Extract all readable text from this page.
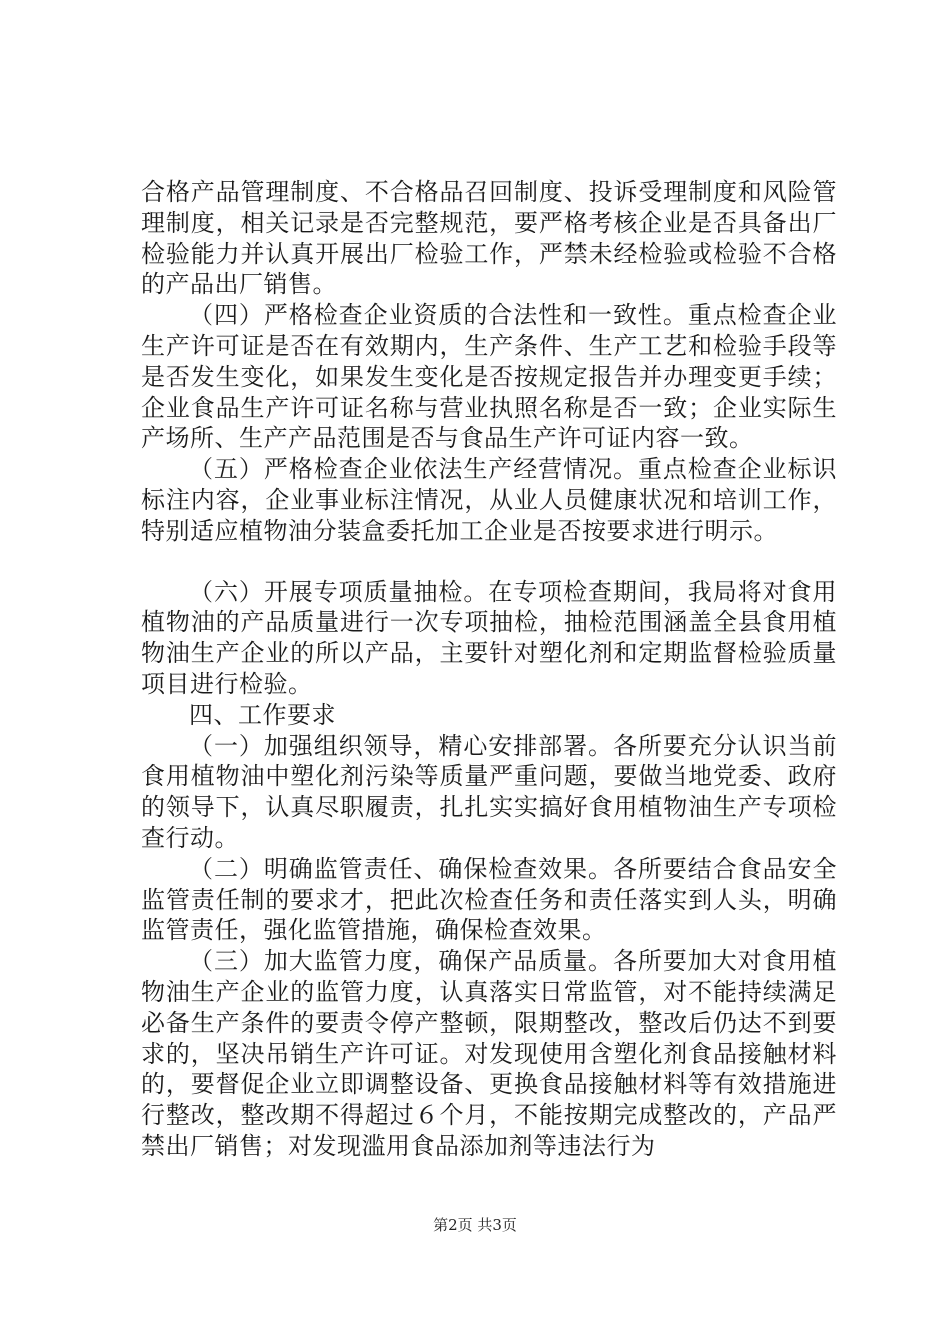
合格产品管理制度、不合格品召回制度、投诉受理制度和风险管理制度，相关记录是否完整规范，要严格考核企业是否具备出厂检验能力并认真开展出厂检验工作，严禁未经检验或检验不合格的产品出厂销售。

（四）严格检查企业资质的合法性和一致性。重点检查企业生产许可证是否在有效期内，生产条件、生产工艺和检验手段等是否发生变化，如果发生变化是否按规定报告并办理变更手续；企业食品生产许可证名称与营业执照名称是否一致；企业实际生产场所、生产产品范围是否与食品生产许可证内容一致。

（五）严格检查企业依法生产经营情况。重点检查企业标识标注内容，企业事业标注情况，从业人员健康状况和培训工作，特别适应植物油分装盒委托加工企业是否按要求进行明示。

（六）开展专项质量抽检。在专项检查期间，我局将对食用植物油的产品质量进行一次专项抽检，抽检范围涵盖全县食用植物油生产企业的所以产品，主要针对塑化剂和定期监督检验质量项目进行检验。

四、工作要求

（一）加强组织领导，精心安排部署。各所要充分认识当前食用植物油中塑化剂污染等质量严重问题，要做当地党委、政府的领导下，认真尽职履责，扎扎实实搞好食用植物油生产专项检查行动。

（二）明确监管责任、确保检查效果。各所要结合食品安全监管责任制的要求才，把此次检查任务和责任落实到人头，明确监管责任，强化监管措施，确保检查效果。

（三）加大监管力度，确保产品质量。各所要加大对食用植物油生产企业的监管力度，认真落实日常监管，对不能持续满足必备生产条件的要责令停产整顿，限期整改，整改后仍达不到要求的，坚决吊销生产许可证。对发现使用含塑化剂食品接触材料的，要督促企业立即调整设备、更换食品接触材料等有效措施进行整改，整改期不得超过６个月，不能按期完成整改的，产品严禁出厂销售；对发现滥用食品添加剂等违法行为

第2页 共3页
